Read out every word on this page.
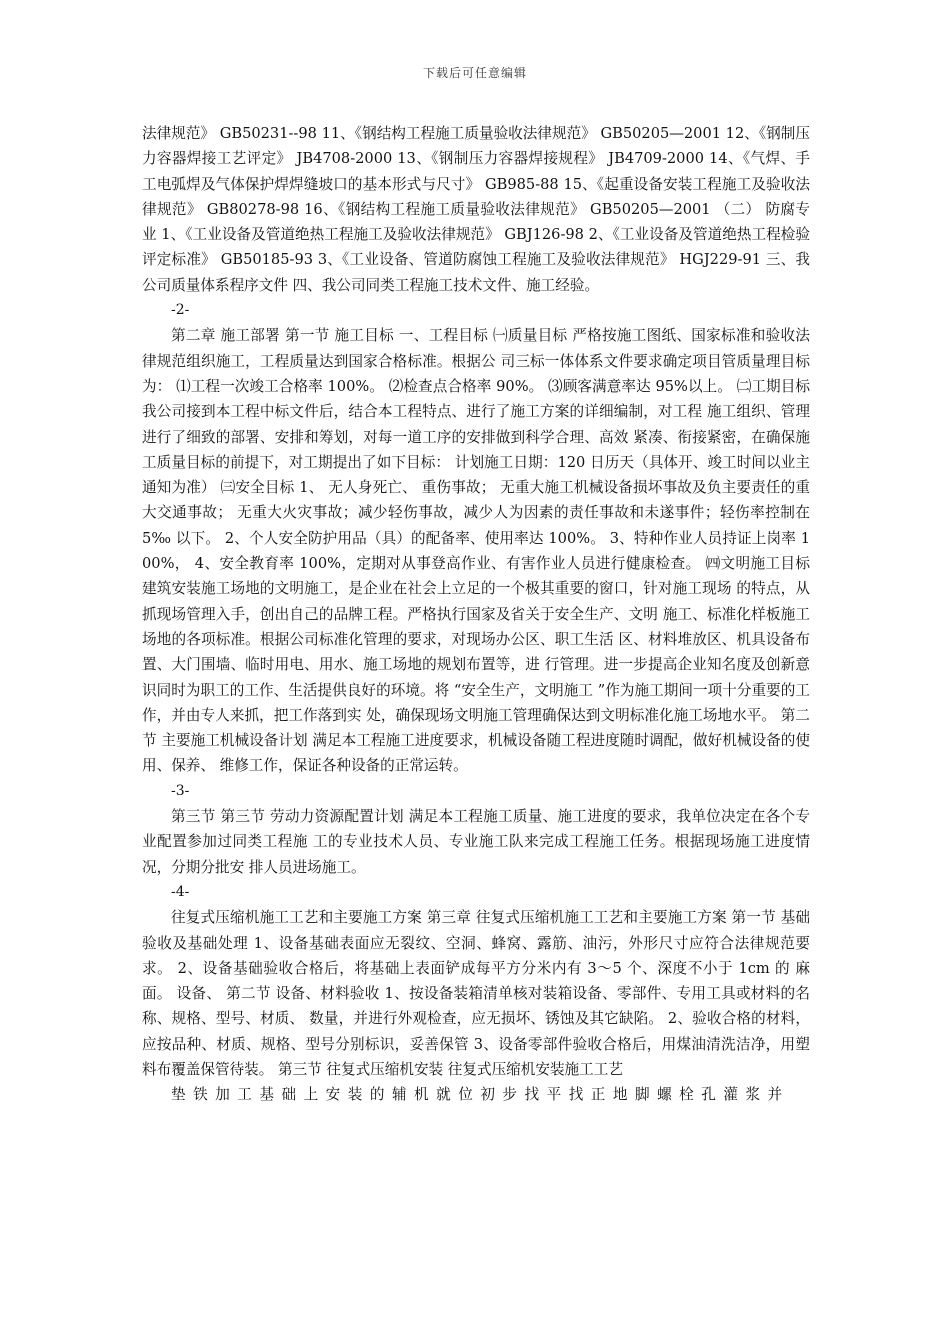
下载后可任意编辑

法律规范》 GB50231--98 11、《钢结构工程施工质量验收法律规范》 GB50205—2001 12、《钢制压力容器焊接工艺评定》 JB4708-2000 13、《钢制压力容器焊接规程》 JB4709-2000 14、《气焊、手工电弧焊及气体保护焊焊缝坡口的基本形式与尺寸》 GB985-88 15、《起重设备安装工程施工及验收法律规范》 GB80278-98 16、《钢结构工程施工质量验收法律规范》 GB50205—2001 （二） 防腐专业 1、《工业设备及管道绝热工程施工及验收法律规范》 GBJ126-98 2、《工业设备及管道绝热工程检验评定标准》 GB50185-93 3、《工业设备、管道防腐蚀工程施工及验收法律规范》 HGJ229-91 三、我公司质量体系程序文件 四、我公司同类工程施工技术文件、施工经验。

-2-

第二章 施工部署 第一节 施工目标 一、工程目标 ㈠质量目标 严格按施工图纸、国家标准和验收法律规范组织施工，工程质量达到国家合格标准。根据公 司三标一体体系文件要求确定项目管质量理目标为： ⑴工程一次竣工合格率 100%。 ⑵检查点合格率 90%。 ⑶顾客满意率达 95%以上。 ㈡工期目标 我公司接到本工程中标文件后，结合本工程特点、进行了施工方案的详细编制，对工程 施工组织、管理进行了细致的部署、安排和筹划，对每一道工序的安排做到科学合理、高效 紧凑、衔接紧密，在确保施工质量目标的前提下，对工期提出了如下目标： 计划施工日期：120 日历天（具体开、竣工时间以业主通知为准） ㈢安全目标 1、 无人身死亡、 重伤事故； 无重大施工机械设备损坏事故及负主要责任的重大交通事故； 无重大火灾事故；减少轻伤事故，减少人为因素的责任事故和未遂事件；轻伤率控制在 5‰ 以下。 2、个人安全防护用品（具）的配备率、使用率达 100%。 3、特种作业人员持证上岗率 100%， 4、安全教育率 100%，定期对从事登高作业、有害作业人员进行健康检查。 ㈣文明施工目标 建筑安装施工场地的文明施工，是企业在社会上立足的一个极其重要的窗口，针对施工现场 的特点，从抓现场管理入手，创出自己的品牌工程。严格执行国家及省关于安全生产、文明 施工、标准化样板施工场地的各项标准。根据公司标准化管理的要求，对现场办公区、职工生活 区、材料堆放区、机具设备布置、大门围墙、临时用电、用水、施工场地的规划布置等，进 行管理。进一步提高企业知名度及创新意识同时为职工的工作、生活提供良好的环境。将 “安全生产，文明施工 ”作为施工期间一项十分重要的工作，并由专人来抓，把工作落到实 处，确保现场文明施工管理确保达到文明标准化施工场地水平。 第二节 主要施工机械设备计划 满足本工程施工进度要求，机械设备随工程进度随时调配，做好机械设备的使用、保养、 维修工作，保证各种设备的正常运转。

-3-

第三节 第三节 劳动力资源配置计划 满足本工程施工质量、施工进度的要求，我单位决定在各个专业配置参加过同类工程施 工的专业技术人员、专业施工队来完成工程施工任务。根据现场施工进度情况，分期分批安 排人员进场施工。

-4-

往复式压缩机施工工艺和主要施工方案 第三章 往复式压缩机施工工艺和主要施工方案 第一节 基础验收及基础处理 1、设备基础表面应无裂纹、空洞、蜂窝、露筋、油污，外形尺寸应符合法律规范要求。 2、设备基础验收合格后，将基础上表面铲成每平方分米内有 3～5 个、深度不小于 1cm 的 麻面。 设备、 第二节 设备、材料验收 1、按设备装箱清单核对装箱设备、零部件、专用工具或材料的名称、规格、型号、材质、 数量，并进行外观检查，应无损坏、锈蚀及其它缺陷。 2、验收合格的材料，应按品种、材质、规格、型号分别标识，妥善保管 3、设备零部件验收合格后，用煤油清洗洁净，用塑料布覆盖保管待装。 第三节 往复式压缩机安装 往复式压缩机安装施工工艺

垫铁加工基础上安装的辅机就位初步找平找正地脚螺栓孔灌浆并
